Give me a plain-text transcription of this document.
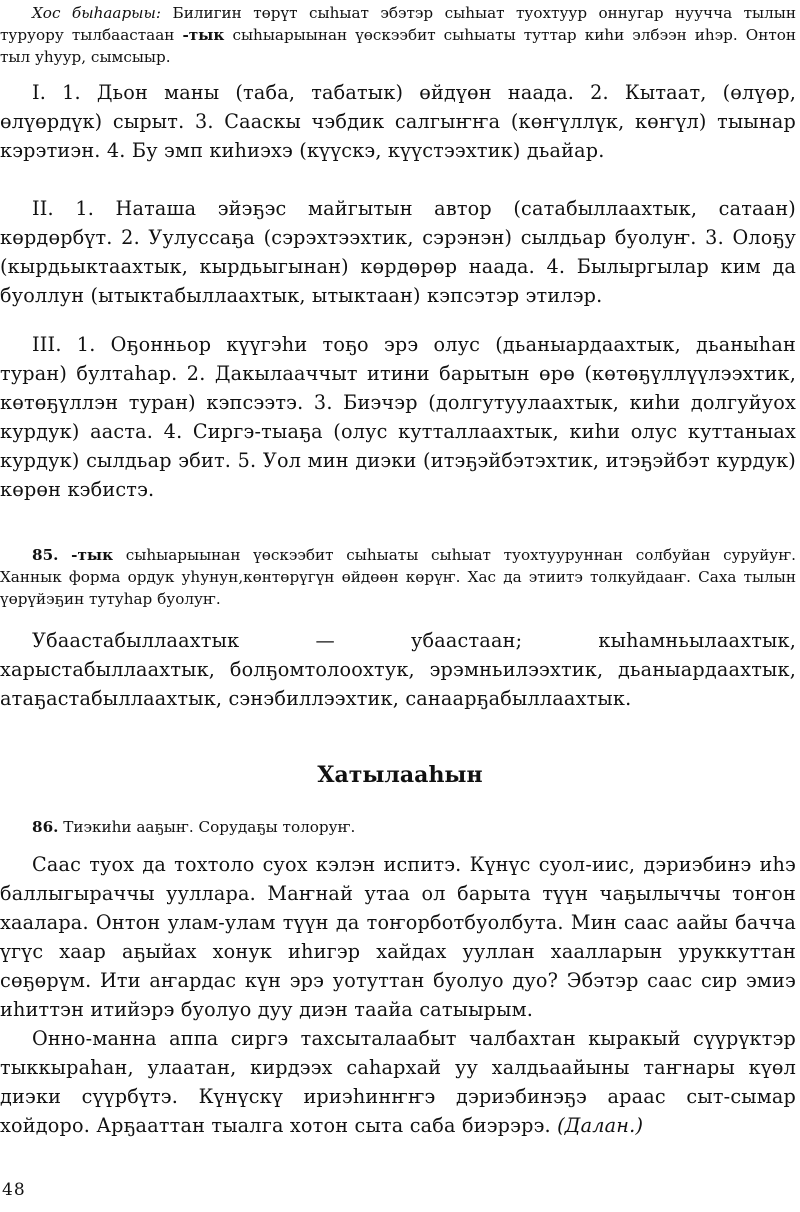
Хос быһаарыы: Билигин төрүт сыһыат эбэтэр сыһыат туохтуур оннугар нуучча тылын туруору тылбаастаан -тык сыһыарыынан үөскээбит сыһыаты туттар киһи элбээн иһэр. Онтон тыл уһуур, сымсыыр.

I. 1. Дьон маны (таба, табатык) өйдүөн наада. 2. Кытаат, (өлүөр, өлүөрдүк) сырыт. 3. Сааскы чэбдик салгыҥҥа (көҥүллүк, көҥүл) тыынар кэрэтиэн. 4. Бу эмп киһиэхэ (күүскэ, күүстээхтик) дьайар.

II. 1. Наташа эйэҕэс майгытын автор (сатабыллаахтык, сатаан) көрдөрбүт. 2. Уулуссаҕа (сэрэхтээхтик, сэрэнэн) сылдьар буолуҥ. 3. Олоҕу (кырдьыктаахтык, кырдьыгынан) көрдөрөр наада. 4. Былыргылар ким да буоллун (ытыктабыллаахтык, ытыктаан) кэпсэтэр этилэр.

III. 1. Оҕонньор күүгэһи тоҕо эрэ олус (дьаныардаахтык, дьаныһан туран) бултаһар. 2. Дакылааччыт итини барытын өрө (көтөҕүллүүлээхтик, көтөҕүллэн туран) кэпсээтэ. 3. Биэчэр (долгутуулаахтык, киһи долгуйуох курдук) ааста. 4. Сиргэ-тыаҕа (олус кутталлаахтык, киһи олус куттаныах курдук) сылдьар эбит. 5. Уол мин диэки (итэҕэйбэтэхтик, итэҕэйбэт курдук) көрөн кэбистэ.

85. -тык сыһыарыынан үөскээбит сыһыаты сыһыат туохтууруннан солбуйан суруйуҥ. Ханнык форма ордук уһунун,көнтөрүгүн өйдөөн көрүҥ. Хас да этиитэ толкуйдааҥ. Саха тылын үөрүйэҕин тутуһар буолуҥ.

Убаастабыллаахтык — убаастаан; кыһамньылаахтык, харыстабыллаахтык, болҕомтолоохтук, эрэмньилээхтик, дьаныардаахтык, атаҕастабыллаахтык, сэнэбиллээхтик, санаарҕабыллаахтык.

Хатылааһын

86. Тиэкиһи ааҕыҥ. Сорудаҕы толоруҥ.

Саас туох да тохтоло суох кэлэн испитэ. Күнүс суол-иис, дэриэбинэ иһэ баллыгыраччы ууллара. Маҥнай утаа ол барыта түүн чаҕылыччы тоҥон хаалара. Онтон улам-улам түүн да тоҥорботбуолбута. Мин саас аайы бачча үгүс хаар аҕыйах хонук иһигэр хайдах ууллан хаалларын уруккуттан сөҕөрүм. Ити аҥардас күн эрэ уотуттан буолуо дуо? Эбэтэр саас сир эмиэ иһиттэн итийэрэ буолуо дуу диэн таайа сатыырым.

Онно-манна аппа сиргэ тахсыталаабыт чалбахтан кыракый сүүрүктэр тыккыраһан, улаатан, кирдээх саһархай уу халдьаайыны таҥнары күөл диэки сүүрбүтэ. Күнүскү ириэһинҥҥэ дэриэбинэҕэ араас сыт-сымар хойдоро. Арҕааттан тыалга хотон сыта саба биэрэрэ. (Далан.)

48
